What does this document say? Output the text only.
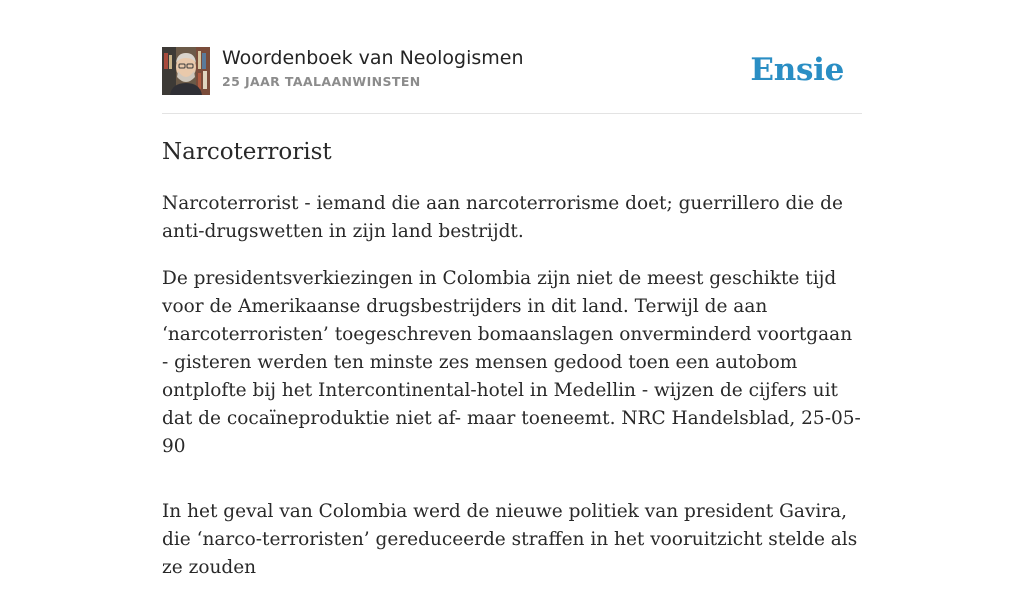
Woordenboek van Neologismen
25 JAAR TAALAANWINSTEN	Ensie
Narcoterrorist

Narcoterrorist - iemand die aan narcoterrorisme doet; guerrillero die de anti-drugswetten in zijn land bestrijdt.

De presidentsverkiezingen in Colombia zijn niet de meest geschikte tijd voor de Amerikaanse drugsbestrijders in dit land. Terwijl de aan ‘narcoterroristen’ toegeschreven bomaanslagen onverminderd voortgaan - gisteren werden ten minste zes mensen gedood toen een autobom ontplofte bij het Intercontinental-hotel in Medellin - wijzen de cijfers uit dat de cocaïneproduktie niet af- maar toeneemt. NRC Handelsblad, 25-05-90

In het geval van Colombia werd de nieuwe politiek van president Gavira, die ‘narco-terroristen’ gereduceerde straffen in het vooruitzicht stelde als ze zouden
